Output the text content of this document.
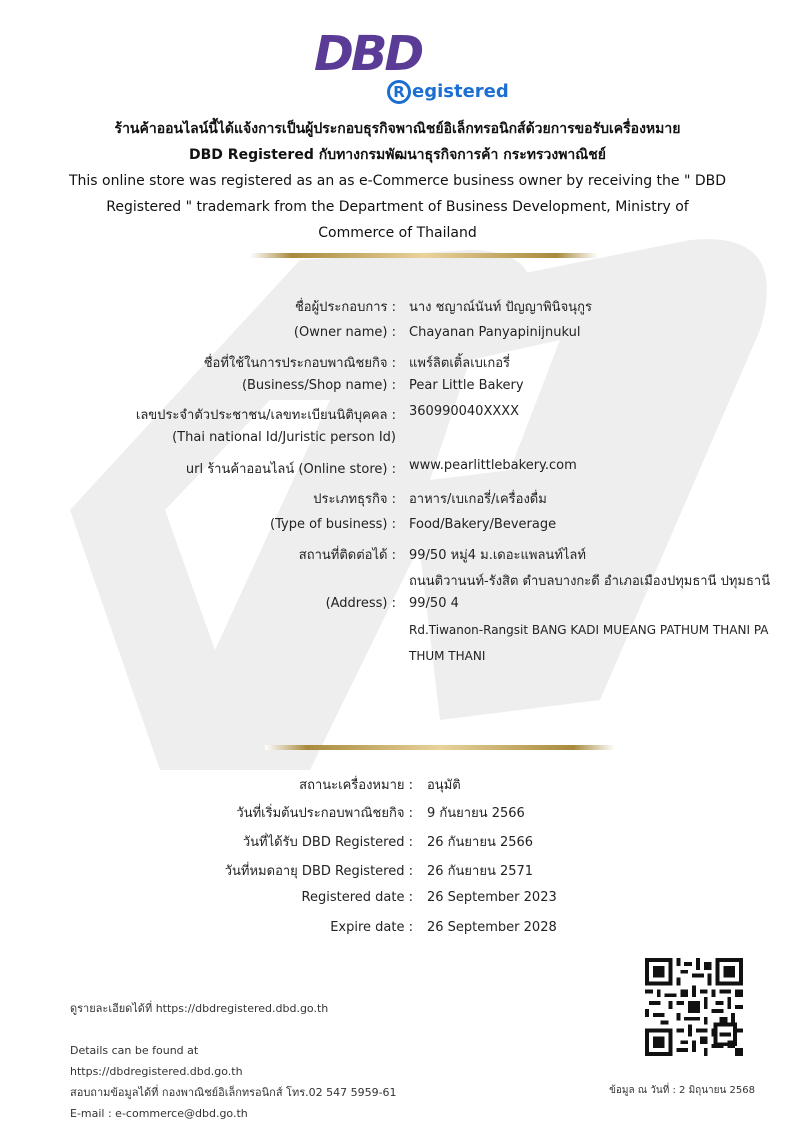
DBD
R egistered
ร้านค้าออนไลน์นี้ได้แจ้งการเป็นผู้ประกอบธุรกิจพาณิชย์อิเล็กทรอนิกส์ด้วยการขอรับเครื่องหมาย
DBD Registered กับทางกรมพัฒนาธุรกิจการค้า กระทรวงพาณิชย์
This online store was registered as an as e-Commerce business owner by receiving the " DBD
Registered " trademark from the Department of Business Development, Ministry of
Commerce of Thailand
ชื่อผู้ประกอบการ : นาง ชญาณ์นันท์ ปัญญาพินิจนุกูร
(Owner name) : Chayanan Panyapinijnukul
ชื่อที่ใช้ในการประกอบพาณิชยกิจ : แพร์ลิตเติ้ลเบเกอรี่
(Business/Shop name) : Pear Little Bakery
เลขประจำตัวประชาชน/เลขทะเบียนนิติบุคคล : 360990040XXXX
(Thai national Id/Juristic person Id)
url ร้านค้าออนไลน์ (Online store) : www.pearlittlebakery.com
ประเภทธุรกิจ : อาหาร/เบเกอรี่/เครื่องดื่ม
(Type of business) : Food/Bakery/Beverage
สถานที่ติดต่อได้ : 99/50 หมู่4 ม.เดอะแพลนท์ไลท์
ถนนติวานนท์-รังสิต ตำบลบางกะดี อำเภอเมืองปทุมธานี ปทุมธานี
(Address) : 99/50 4
Rd.Tiwanon-Rangsit BANG KADI MUEANG PATHUM THANI PA
THUM THANI
สถานะเครื่องหมาย : อนุมัติ
วันที่เริ่มต้นประกอบพาณิชยกิจ : 9 กันยายน 2566
วันที่ได้รับ DBD Registered : 26 กันยายน 2566
วันที่หมดอายุ DBD Registered : 26 กันยายน 2571
Registered date : 26 September 2023
Expire date : 26 September 2028
ดูรายละเอียดได้ที่ https://dbdregistered.dbd.go.th
Details can be found at
https://dbdregistered.dbd.go.th
สอบถามข้อมูลได้ที่ กองพาณิชย์อิเล็กทรอนิกส์ โทร.02 547 5959-61
E-mail : e-commerce@dbd.go.th
ข้อมูล ณ วันที่ : 2 มิถุนายน 2568
